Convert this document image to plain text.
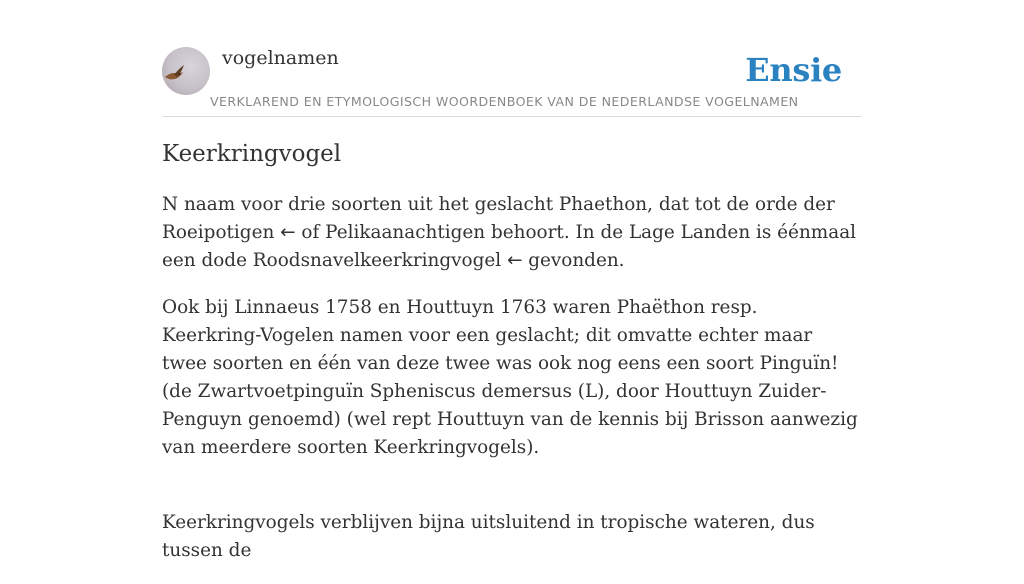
vogelnamen	Ensie
VERKLAREND EN ETYMOLOGISCH WOORDENBOEK VAN DE NEDERLANDSE VOGELNAMEN
Keerkringvogel

N naam voor drie soorten uit het geslacht Phaethon, dat tot de orde der Roeipotigen ← of Pelikaanachtigen behoort. In de Lage Landen is éénmaal een dode Roodsnavelkeerkringvogel ← gevonden.

Ook bij Linnaeus 1758 en Houttuyn 1763 waren Phaëthon resp. Keerkring-Vogelen namen voor een geslacht; dit omvatte echter maar twee soorten en één van deze twee was ook nog eens een soort Pinguïn! (de Zwartvoetpinguïn Spheniscus demersus (L), door Houttuyn Zuider-Penguyn genoemd) (wel rept Houttuyn van de kennis bij Brisson aanwezig van meerdere soorten Keerkringvogels).

Keerkringvogels verblijven bijna uitsluitend in tropische wateren, dus tussen de
